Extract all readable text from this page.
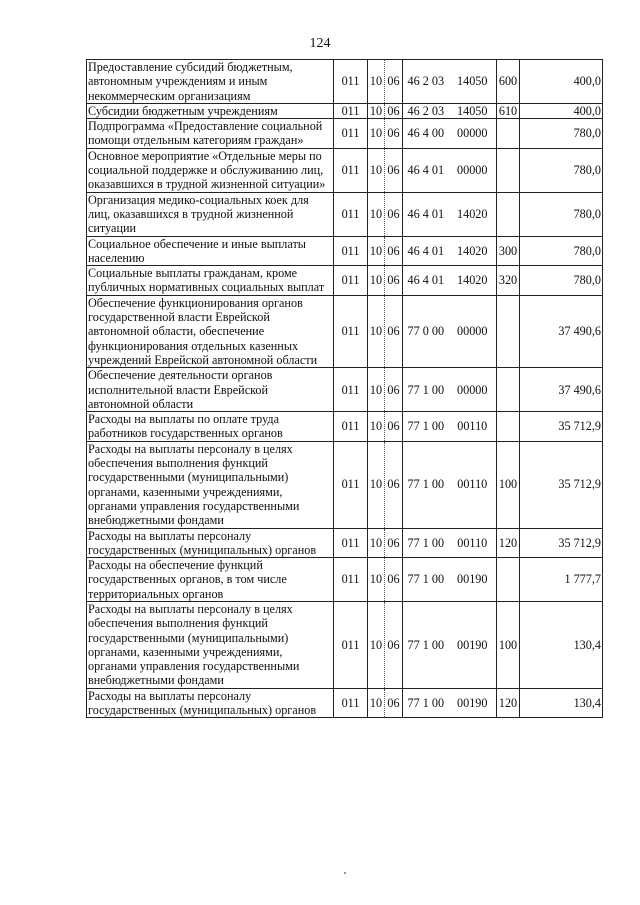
124
Предоставление субсидий бюджетным, автономным учреждениям и иным некоммерческим организациям	011	10	06	46 2 03	14050	600	400,0
Субсидии бюджетным учреждениям	011	10	06	46 2 03	14050	610	400,0
Подпрограмма «Предоставление социальной помощи отдельным категориям граждан»	011	10	06	46 4 00	00000		780,0
Основное мероприятие «Отдельные меры по социальной поддержке и обслуживанию лиц, оказавшихся в трудной жизненной ситуации»	011	10	06	46 4 01	00000		780,0
Организация медико-социальных коек для лиц, оказавшихся в трудной жизненной ситуации	011	10	06	46 4 01	14020		780,0
Социальное обеспечение и иные выплаты населению	011	10	06	46 4 01	14020	300	780,0
Социальные выплаты гражданам, кроме публичных нормативных социальных выплат	011	10	06	46 4 01	14020	320	780,0
Обеспечение функционирования органов государственной власти Еврейской автономной области, обеспечение функционирования отдельных казенных учреждений Еврейской автономной области	011	10	06	77 0 00	00000		37 490,6
Обеспечение деятельности органов исполнительной власти Еврейской автономной области	011	10	06	77 1 00	00000		37 490,6
Расходы на выплаты по оплате труда работников государственных органов	011	10	06	77 1 00	00110		35 712,9
Расходы на выплаты персоналу в целях обеспечения выполнения функций государственными (муниципальными) органами, казенными учреждениями, органами управления государственными внебюджетными фондами	011	10	06	77 1 00	00110	100	35 712,9
Расходы на выплаты персоналу государственных (муниципальных) органов	011	10	06	77 1 00	00110	120	35 712,9
Расходы на обеспечение функций государственных органов, в том числе территориальных органов	011	10	06	77 1 00	00190		1 777,7
Расходы на выплаты персоналу в целях обеспечения выполнения функций государственными (муниципальными) органами, казенными учреждениями, органами управления государственными внебюджетными фондами	011	10	06	77 1 00	00190	100	130,4
Расходы на выплаты персоналу государственных (муниципальных) органов	011	10	06	77 1 00	00190	120	130,4
